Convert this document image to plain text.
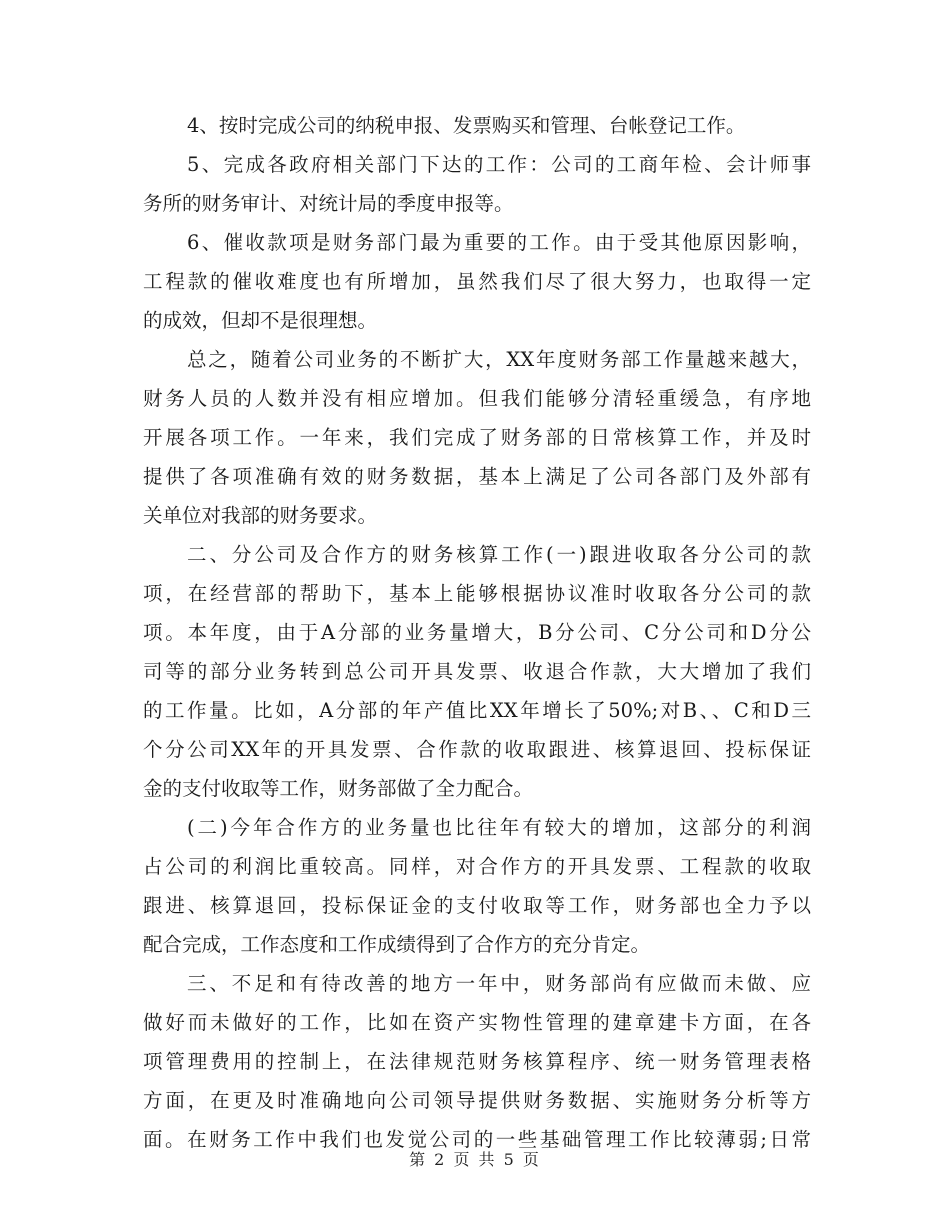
4、按时完成公司的纳税申报、发票购买和管理、台帐登记工作。
5、完成各政府相关部门下达的工作：公司的工商年检、会计师事
务所的财务审计、对统计局的季度申报等。
6、催收款项是财务部门最为重要的工作。由于受其他原因影响，
工程款的催收难度也有所增加，虽然我们尽了很大努力，也取得一定
的成效，但却不是很理想。
总之，随着公司业务的不断扩大，XX年度财务部工作量越来越大，
财务人员的人数并没有相应增加。但我们能够分清轻重缓急，有序地
开展各项工作。一年来，我们完成了财务部的日常核算工作，并及时
提供了各项准确有效的财务数据，基本上满足了公司各部门及外部有
关单位对我部的财务要求。
二、分公司及合作方的财务核算工作(一)跟进收取各分公司的款
项，在经营部的帮助下，基本上能够根据协议准时收取各分公司的款
项。本年度，由于A分部的业务量增大，B分公司、C分公司和D分公
司等的部分业务转到总公司开具发票、收退合作款，大大增加了我们
的工作量。比如，A分部的年产值比XX年增长了50%;对B、、C和D三
个分公司XX年的开具发票、合作款的收取跟进、核算退回、投标保证
金的支付收取等工作，财务部做了全力配合。
(二)今年合作方的业务量也比往年有较大的增加，这部分的利润
占公司的利润比重较高。同样，对合作方的开具发票、工程款的收取
跟进、核算退回，投标保证金的支付收取等工作，财务部也全力予以
配合完成，工作态度和工作成绩得到了合作方的充分肯定。
三、不足和有待改善的地方一年中，财务部尚有应做而未做、应
做好而未做好的工作，比如在资产实物性管理的建章建卡方面，在各
项管理费用的控制上，在法律规范财务核算程序、统一财务管理表格
方面，在更及时准确地向公司领导提供财务数据、实施财务分析等方
面。在财务工作中我们也发觉公司的一些基础管理工作比较薄弱;日常
第 2 页 共 5 页
